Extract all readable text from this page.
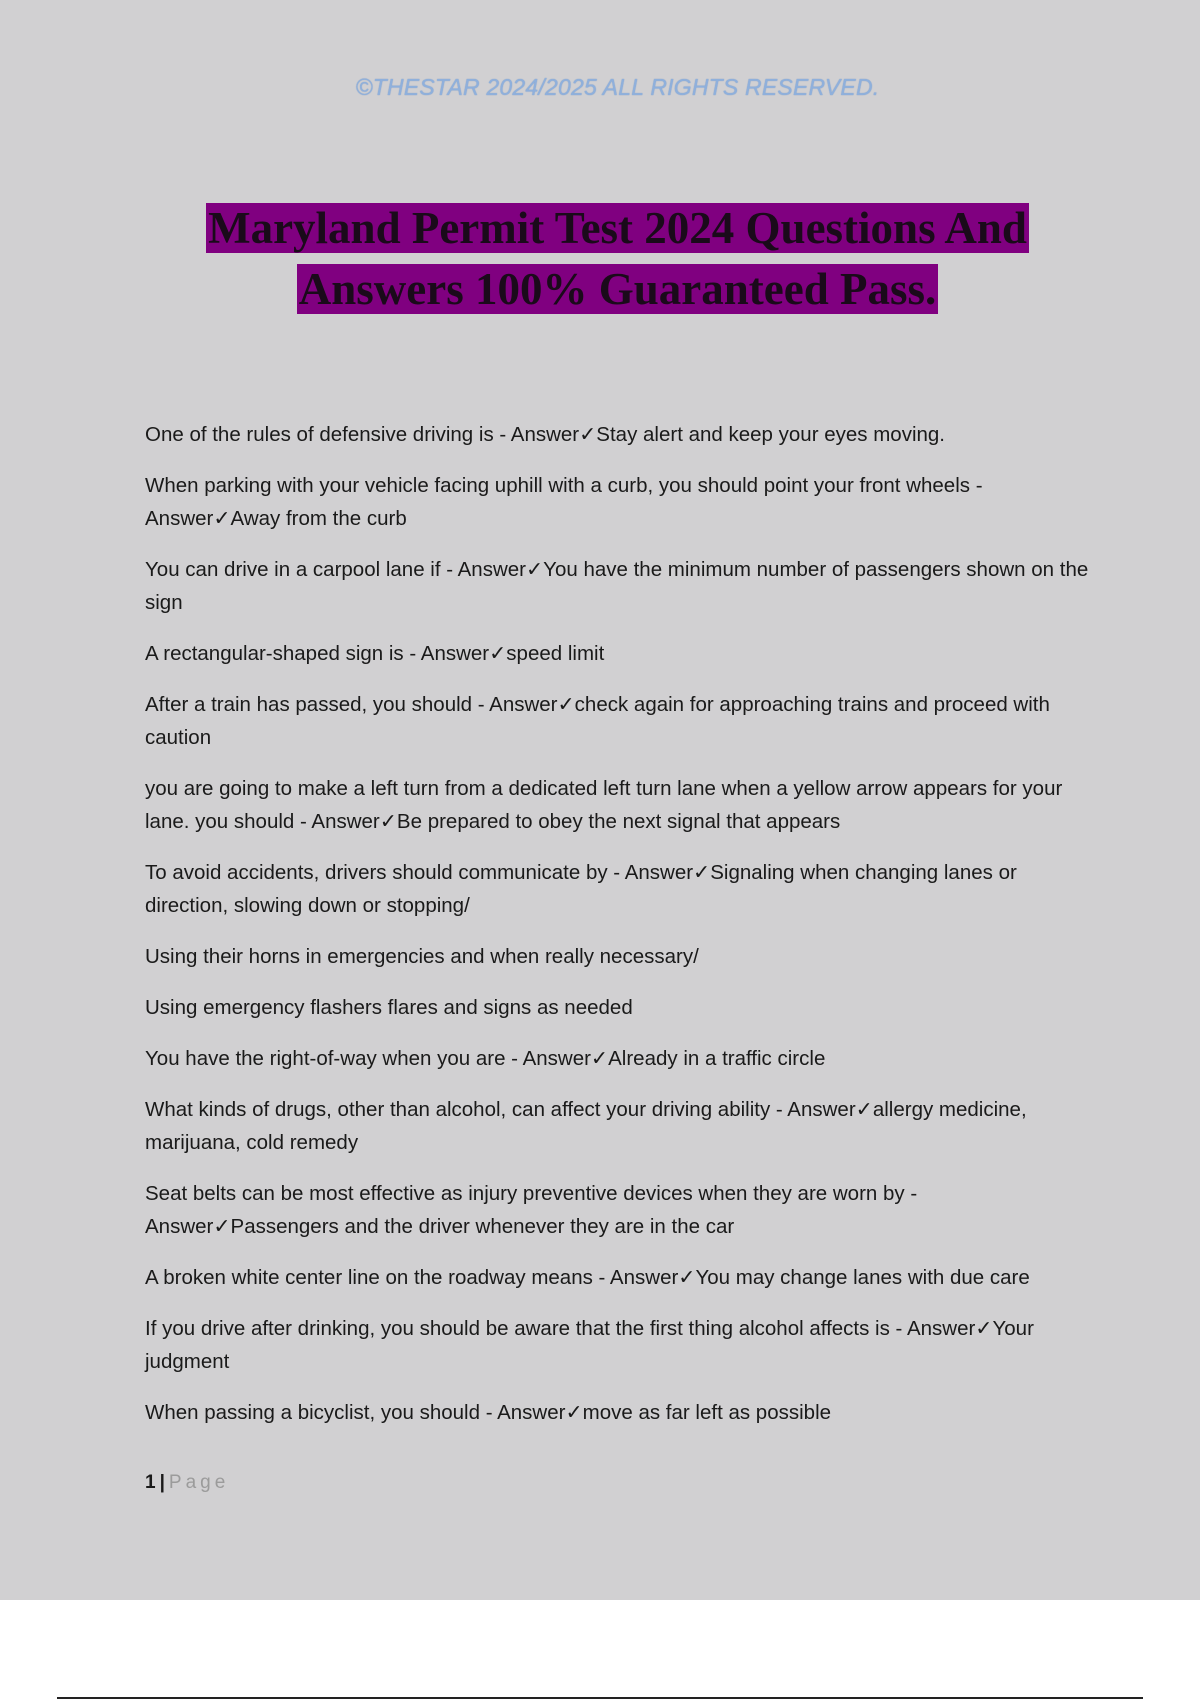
©THESTAR 2024/2025 ALL RIGHTS RESERVED.
Maryland Permit Test 2024 Questions And
Answers 100% Guaranteed Pass.

One of the rules of defensive driving is - Answer✓Stay alert and keep your eyes moving.

When parking with your vehicle facing uphill with a curb, you should point your front wheels - Answer✓Away from the curb

You can drive in a carpool lane if - Answer✓You have the minimum number of passengers shown on the sign

A rectangular-shaped sign is - Answer✓speed limit

After a train has passed, you should - Answer✓check again for approaching trains and proceed with caution

you are going to make a left turn from a dedicated left turn lane when a yellow arrow appears for your lane. you should - Answer✓Be prepared to obey the next signal that appears

To avoid accidents, drivers should communicate by - Answer✓Signaling when changing lanes or direction, slowing down or stopping/

Using their horns in emergencies and when really necessary/

Using emergency flashers flares and signs as needed

You have the right-of-way when you are - Answer✓Already in a traffic circle

What kinds of drugs, other than alcohol, can affect your driving ability - Answer✓allergy medicine, marijuana, cold remedy

Seat belts can be most effective as injury preventive devices when they are worn by - Answer✓Passengers and the driver whenever they are in the car

A broken white center line on the roadway means - Answer✓You may change lanes with due care

If you drive after drinking, you should be aware that the first thing alcohol affects is - Answer✓Your judgment

When passing a bicyclist, you should - Answer✓move as far left as possible

1 | Page
